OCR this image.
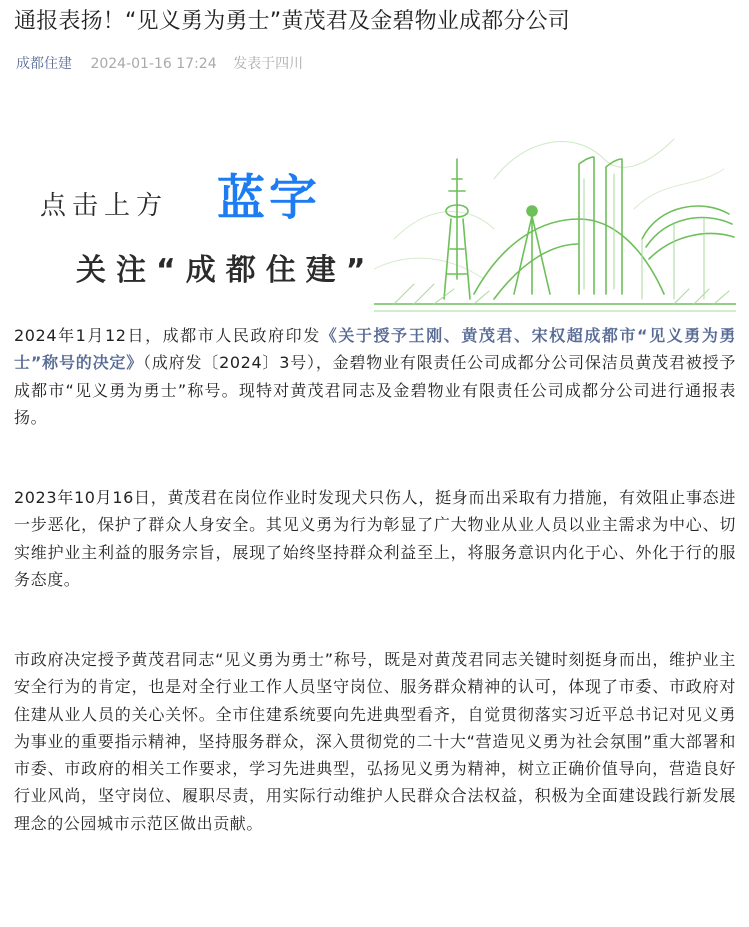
通报表扬！“见义勇为勇士”黄茂君及金碧物业成都分公司
成都住建 2024-01-16 17:24 发表于四川
点击上方 蓝字
关注“成都住建”

2024年1月12日，成都市人民政府印发《关于授予王刚、黄茂君、宋权超成都市“见义勇为勇士”称号的决定》（成府发〔2024〕3号），金碧物业有限责任公司成都分公司保洁员黄茂君被授予成都市“见义勇为勇士”称号。现特对黄茂君同志及金碧物业有限责任公司成都分公司进行通报表扬。

2023年10月16日，黄茂君在岗位作业时发现犬只伤人，挺身而出采取有力措施，有效阻止事态进一步恶化，保护了群众人身安全。其见义勇为行为彰显了广大物业从业人员以业主需求为中心、切实维护业主利益的服务宗旨，展现了始终坚持群众利益至上，将服务意识内化于心、外化于行的服务态度。

市政府决定授予黄茂君同志“见义勇为勇士”称号，既是对黄茂君同志关键时刻挺身而出，维护业主安全行为的肯定，也是对全行业工作人员坚守岗位、服务群众精神的认可，体现了市委、市政府对住建从业人员的关心关怀。全市住建系统要向先进典型看齐，自觉贯彻落实习近平总书记对见义勇为事业的重要指示精神，坚持服务群众，深入贯彻党的二十大“营造见义勇为社会氛围”重大部署和市委、市政府的相关工作要求，学习先进典型，弘扬见义勇为精神，树立正确价值导向，营造良好行业风尚，坚守岗位、履职尽责，用实际行动维护人民群众合法权益，积极为全面建设践行新发展理念的公园城市示范区做出贡献。
